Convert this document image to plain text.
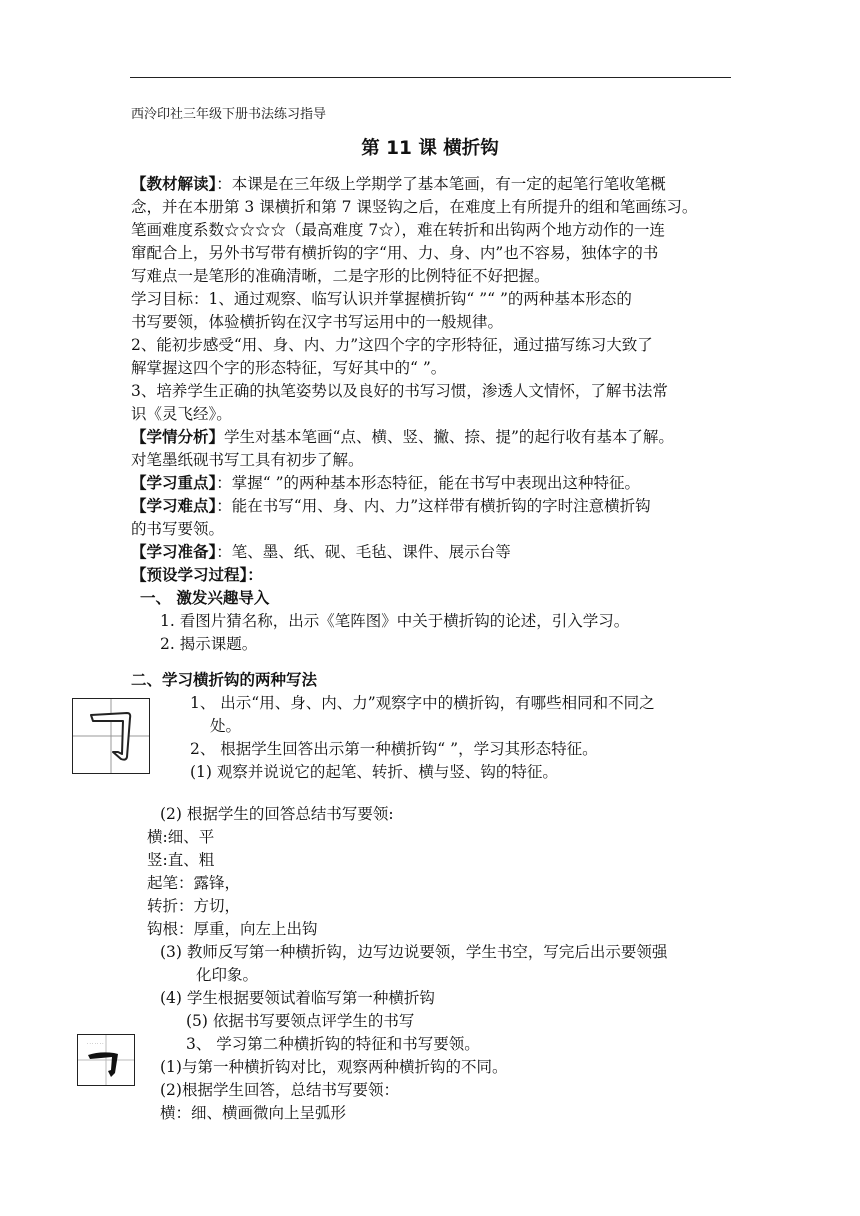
西泠印社三年级下册书法练习指导
第 11 课 横折钩
【教材解读】：本课是在三年级上学期学了基本笔画，有一定的起笔行笔收笔概
念，并在本册第 3 课横折和第 7 课竖钩之后，在难度上有所提升的组和笔画练习。
笔画难度系数☆☆☆☆（最高难度 7☆），难在转折和出钩两个地方动作的一连
窜配合上，另外书写带有横折钩的字“用、力、身、内”也不容易，独体字的书
写难点一是笔形的准确清晰，二是字形的比例特征不好把握。
学习目标：1、通过观察、临写认识并掌握横折钩“ ”“ ”的两种基本形态的
书写要领，体验横折钩在汉字书写运用中的一般规律。
2、能初步感受“用、身、内、力”这四个字的字形特征，通过描写练习大致了
解掌握这四个字的形态特征，写好其中的“ ”。
3、培养学生正确的执笔姿势以及良好的书写习惯，渗透人文情怀，了解书法常
识《灵飞经》。
【学情分析】学生对基本笔画“点、横、竖、撇、捺、提”的起行收有基本了解。
对笔墨纸砚书写工具有初步了解。
【学习重点】：掌握“ ”的两种基本形态特征，能在书写中表现出这种特征。
【学习难点】：能在书写“用、身、内、力”这样带有横折钩的字时注意横折钩
的书写要领。
【学习准备】：笔、墨、纸、砚、毛毡、课件、展示台等
【预设学习过程】：
一、 激发兴趣导入
1. 看图片猜名称，出示《笔阵图》中关于横折钩的论述，引入学习。
2. 揭示课题。
二、学习横折钩的两种写法
1、 出示“用、身、内、力”观察字中的横折钩，有哪些相同和不同之
处。
2、 根据学生回答出示第一种横折钩“ ”，学习其形态特征。
(1) 观察并说说它的起笔、转折、横与竖、钩的特征。
(2) 根据学生的回答总结书写要领:
横:细、平
竖:直、粗
起笔：露锋，
转折：方切，
钩根：厚重，向左上出钩
(3) 教师反写第一种横折钩，边写边说要领，学生书空，写完后出示要领强
化印象。
(4) 学生根据要领试着临写第一种横折钩
(5) 依据书写要领点评学生的书写
· · · · · · ·	3、 学习第二种横折钩的特征和书写要领。
(1)与第一种横折钩对比，观察两种横折钩的不同。
(2)根据学生回答，总结书写要领：
横：细、横画微向上呈弧形
